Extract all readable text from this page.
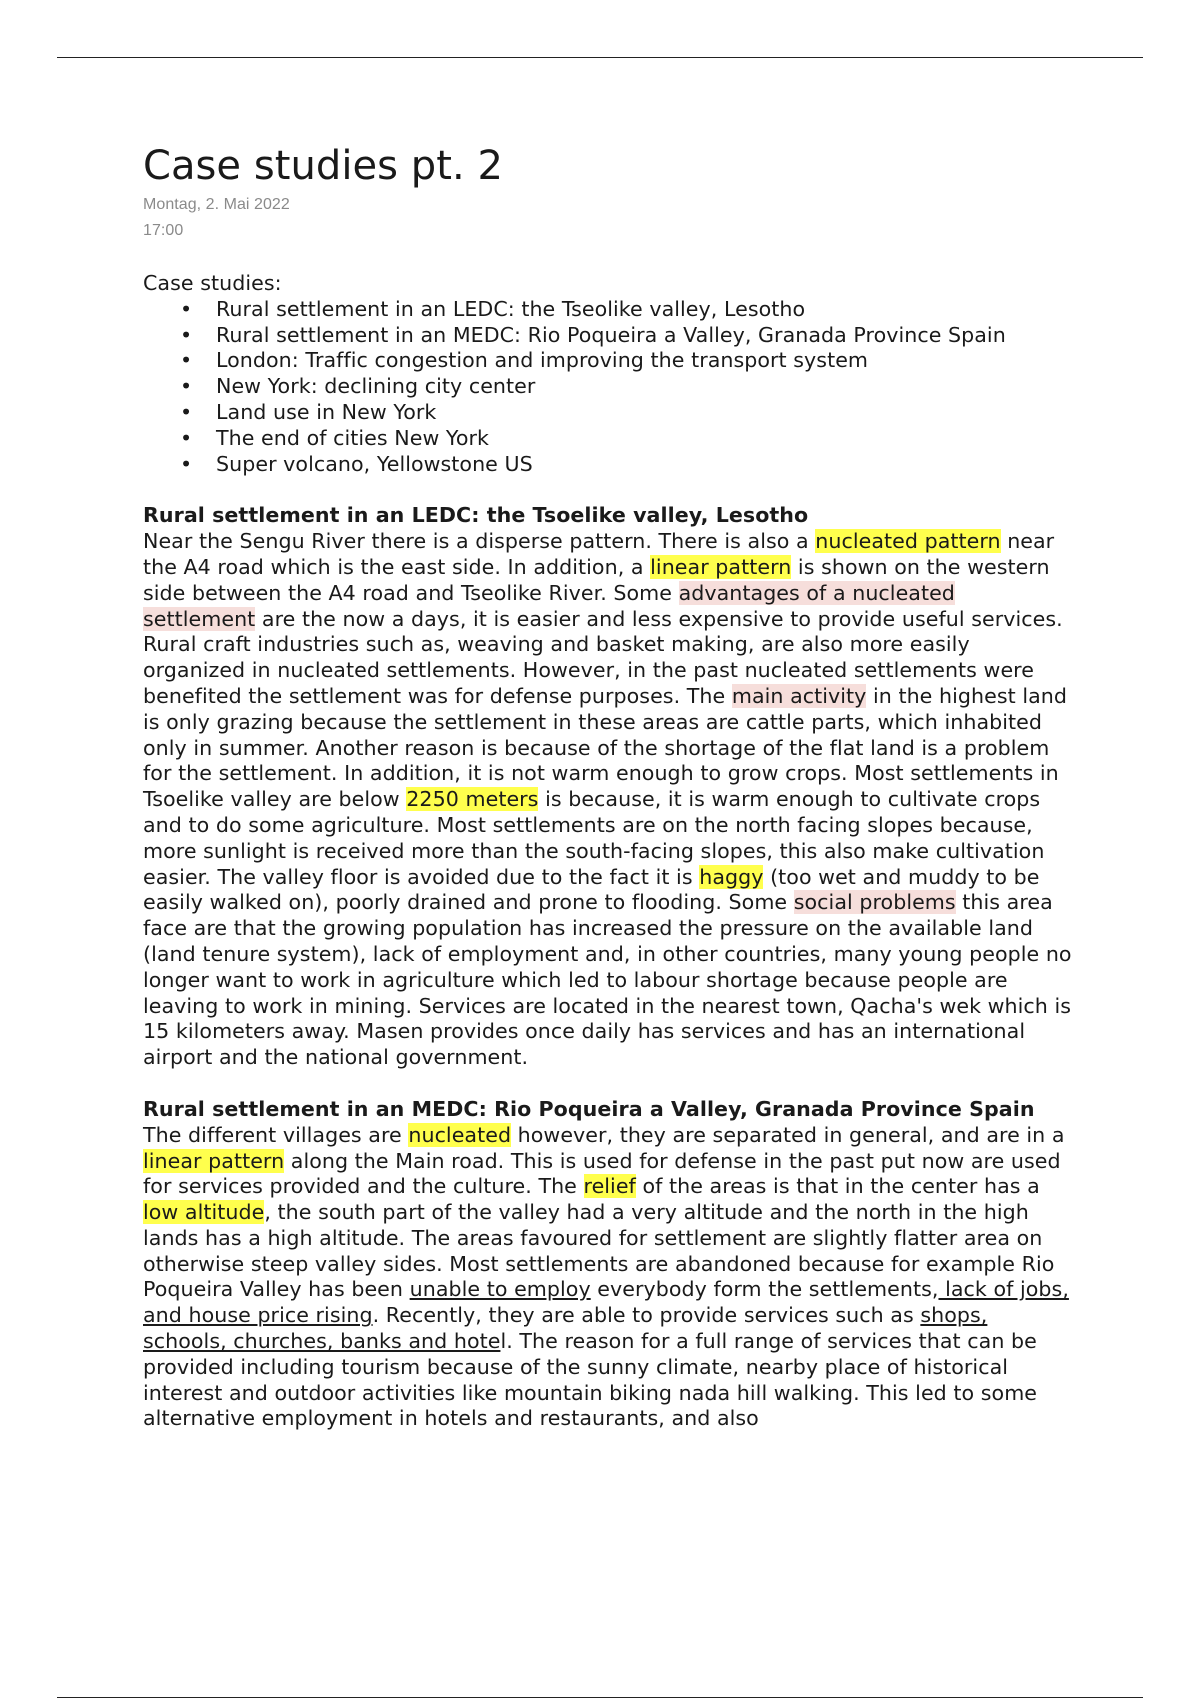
Case studies pt. 2
Montag, 2. Mai 2022
17:00
Case studies:
• Rural settlement in an LEDC: the Tseolike valley, Lesotho
• Rural settlement in an MEDC: Rio Poqueira a Valley, Granada Province Spain
• London: Traffic congestion and improving the transport system
• New York: declining city center
• Land use in New York
• The end of cities New York
• Super volcano, Yellowstone US
Rural settlement in an LEDC: the Tsoelike valley, Lesotho

Near the Sengu River there is a disperse pattern. There is also a nucleated pattern near the A4 road which is the east side. In addition, a linear pattern is shown on the western side between the A4 road and Tseolike River. Some advantages of a nucleated settlement are the now a days, it is easier and less expensive to provide useful services. Rural craft industries such as, weaving and basket making, are also more easily organized in nucleated settlements. However, in the past nucleated settlements were benefited the settlement was for defense purposes. The main activity in the highest land is only grazing because the settlement in these areas are cattle parts, which inhabited only in summer. Another reason is because of the shortage of the flat land is a problem for the settlement. In addition, it is not warm enough to grow crops. Most settlements in Tsoelike valley are below 2250 meters is because, it is warm enough to cultivate crops and to do some agriculture. Most settlements are on the north facing slopes because, more sunlight is received more than the south-facing slopes, this also make cultivation easier. The valley floor is avoided due to the fact it is haggy (too wet and muddy to be easily walked on), poorly drained and prone to flooding. Some social problems this area face are that the growing population has increased the pressure on the available land (land tenure system), lack of employment and, in other countries, many young people no longer want to work in agriculture which led to labour shortage because people are leaving to work in mining. Services are located in the nearest town, Qacha's wek which is 15 kilometers away. Masen provides once daily has services and has an international airport and the national government.

Rural settlement in an MEDC: Rio Poqueira a Valley, Granada Province Spain

The different villages are nucleated however, they are separated in general, and are in a linear pattern along the Main road. This is used for defense in the past put now are used for services provided and the culture. The relief of the areas is that in the center has a low altitude, the south part of the valley had a very altitude and the north in the high lands has a high altitude. The areas favoured for settlement are slightly flatter area on otherwise steep valley sides. Most settlements are abandoned because for example Rio Poqueira Valley has been unable to employ everybody form the settlements, lack of jobs, and house price rising. Recently, they are able to provide services such as shops, schools, churches, banks and hotel. The reason for a full range of services that can be provided including tourism because of the sunny climate, nearby place of historical interest and outdoor activities like mountain biking nada hill walking. This led to some alternative employment in hotels and restaurants, and also
